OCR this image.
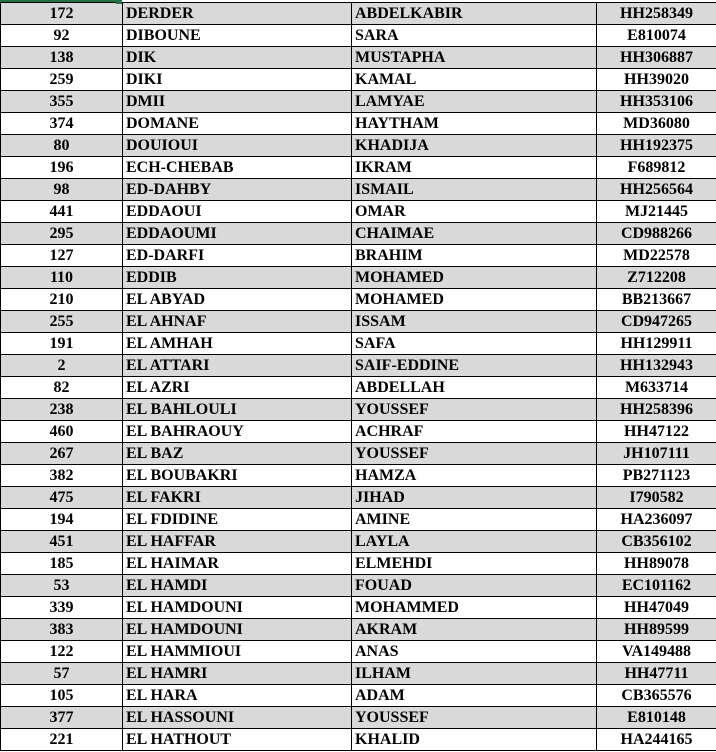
172	DERDER	ABDELKABIR	HH258349
92	DIBOUNE	SARA	E810074
138	DIK	MUSTAPHA	HH306887
259	DIKI	KAMAL	HH39020
355	DMII	LAMYAE	HH353106
374	DOMANE	HAYTHAM	MD36080
80	DOUIOUI	KHADIJA	HH192375
196	ECH-CHEBAB	IKRAM	F689812
98	ED-DAHBY	ISMAIL	HH256564
441	EDDAOUI	OMAR	MJ21445
295	EDDAOUMI	CHAIMAE	CD988266
127	ED-DARFI	BRAHIM	MD22578
110	EDDIB	MOHAMED	Z712208
210	EL ABYAD	MOHAMED	BB213667
255	EL AHNAF	ISSAM	CD947265
191	EL AMHAH	SAFA	HH129911
2	EL ATTARI	SAIF-EDDINE	HH132943
82	EL AZRI	ABDELLAH	M633714
238	EL BAHLOULI	YOUSSEF	HH258396
460	EL BAHRAOUY	ACHRAF	HH47122
267	EL BAZ	YOUSSEF	JH107111
382	EL BOUBAKRI	HAMZA	PB271123
475	EL FAKRI	JIHAD	I790582
194	EL FDIDINE	AMINE	HA236097
451	EL HAFFAR	LAYLA	CB356102
185	EL HAIMAR	ELMEHDI	HH89078
53	EL HAMDI	FOUAD	EC101162
339	EL HAMDOUNI	MOHAMMED	HH47049
383	EL HAMDOUNI	AKRAM	HH89599
122	EL HAMMIOUI	ANAS	VA149488
57	EL HAMRI	ILHAM	HH47711
105	EL HARA	ADAM	CB365576
377	EL HASSOUNI	YOUSSEF	E810148
221	EL HATHOUT	KHALID	HA244165
